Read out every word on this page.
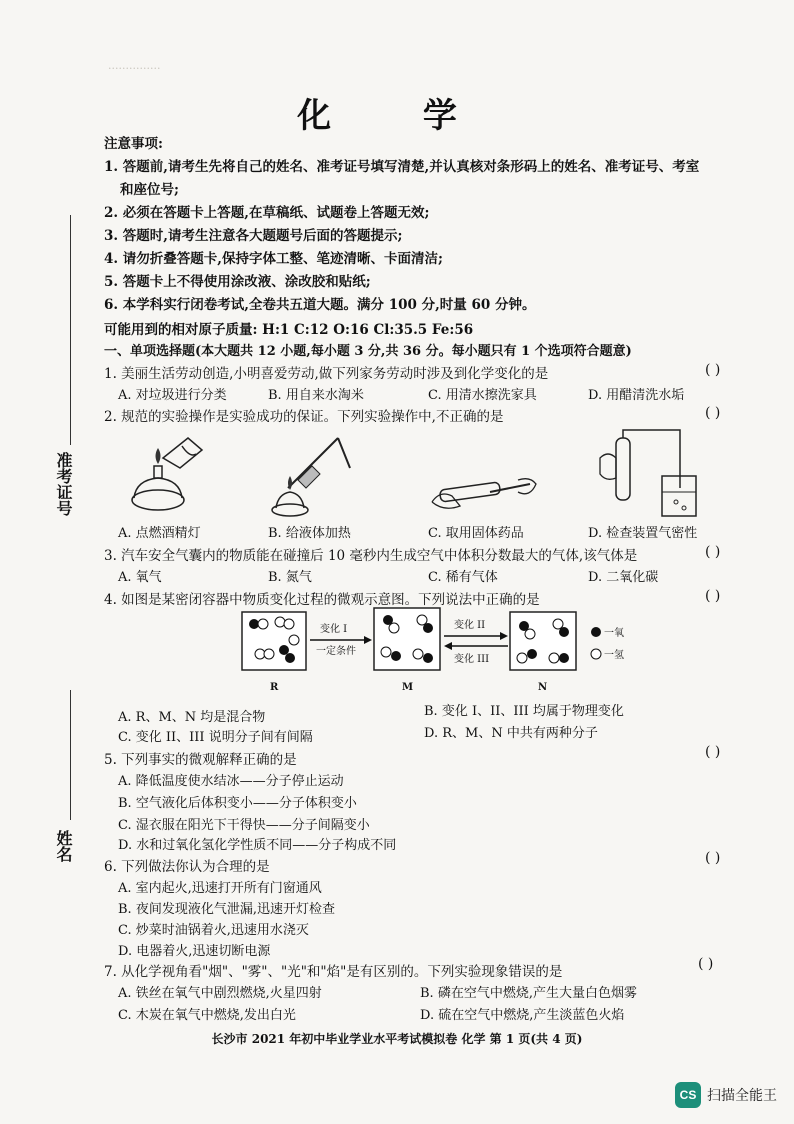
···············
化 学
注意事项:
1. 答题前,请考生先将自己的姓名、准考证号填写清楚,并认真核对条形码上的姓名、准考证号、考室
和座位号;
2. 必须在答题卡上答题,在草稿纸、试题卷上答题无效;
3. 答题时,请考生注意各大题题号后面的答题提示;
4. 请勿折叠答题卡,保持字体工整、笔迹清晰、卡面清洁;
5. 答题卡上不得使用涂改液、涂改胶和贴纸;
6. 本学科实行闭卷考试,全卷共五道大题。满分 100 分,时量 60 分钟。
可能用到的相对原子质量: H:1 C:12 O:16 Cl:35.5 Fe:56
一、单项选择题(本大题共 12 小题,每小题 3 分,共 36 分。每小题只有 1 个选项符合题意)
1. 美丽生活劳动创造,小明喜爱劳动,做下列家务劳动时涉及到化学变化的是	( )
A. 对垃圾进行分类	B. 用自来水淘米	C. 用清水擦洗家具	D. 用醋清洗水垢
2. 规范的实验操作是实验成功的保证。下列实验操作中,不正确的是	( )
A. 点燃酒精灯	B. 给液体加热	C. 取用固体药品	D. 检查装置气密性
3. 汽车安全气囊内的物质能在碰撞后 10 毫秒内生成空气中体积分数最大的气体,该气体是	( )
A. 氧气	B. 氮气	C. 稀有气体	D. 二氧化碳
4. 如图是某密闭容器中物质变化过程的微观示意图。下列说法中正确的是	( )
R
变化 I
一定条件
M
变化 II
变化 III
N
一氧
一氢
A. R、M、N 均是混合物	B. 变化 I、II、III 均属于物理变化
C. 变化 II、III 说明分子间有间隔	D. R、M、N 中共有两种分子
5. 下列事实的微观解释正确的是	( )
A. 降低温度使水结冰——分子停止运动
B. 空气液化后体积变小——分子体积变小
C. 湿衣服在阳光下干得快——分子间隔变小
D. 水和过氧化氢化学性质不同——分子构成不同
6. 下列做法你认为合理的是
( )
A. 室内起火,迅速打开所有门窗通风
B. 夜间发现液化气泄漏,迅速开灯检查
C. 炒菜时油锅着火,迅速用水浇灭
D. 电器着火,迅速切断电源
7. 从化学视角看"烟"、"雾"、"光"和"焰"是有区别的。下列实验现象错误的是	( )
A. 铁丝在氧气中剧烈燃烧,火星四射	B. 磷在空气中燃烧,产生大量白色烟雾
C. 木炭在氧气中燃烧,发出白光	D. 硫在空气中燃烧,产生淡蓝色火焰
准考证号
姓名
长沙市 2021 年初中毕业学业水平考试模拟卷 化学 第 1 页(共 4 页)
CS 扫描全能王
